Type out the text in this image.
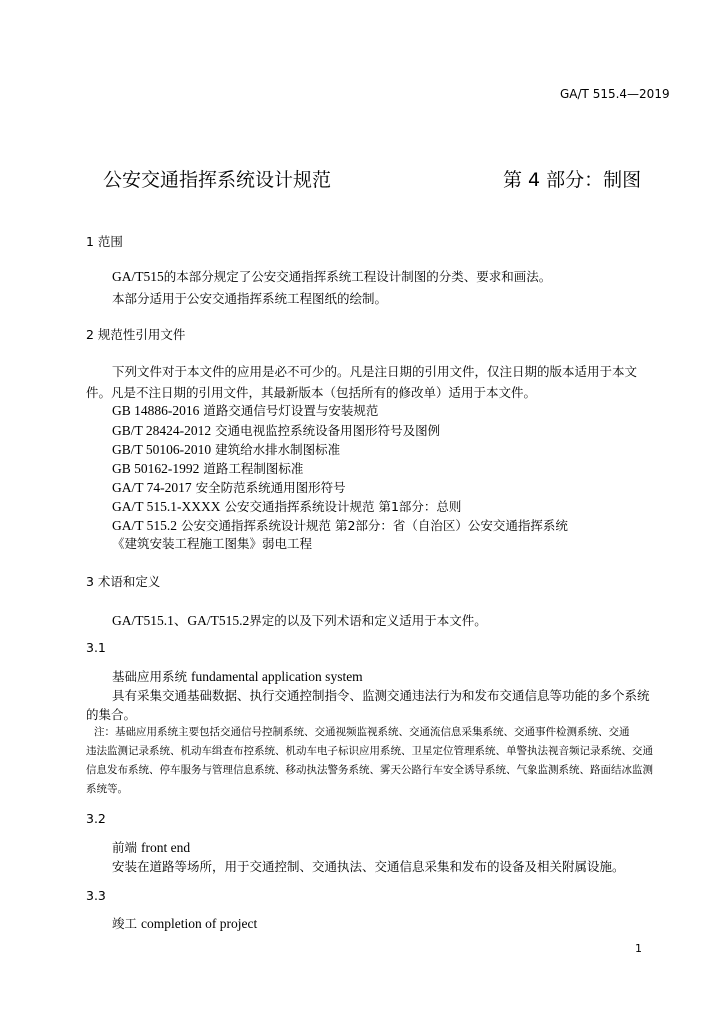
GA/T 515.4—2019
公安交通指挥系统设计规范	第 4 部分：制图
1 范围
GA/T515的本部分规定了公安交通指挥系统工程设计制图的分类、要求和画法。
本部分适用于公安交通指挥系统工程图纸的绘制。
2 规范性引用文件
下列文件对于本文件的应用是必不可少的。凡是注日期的引用文件，仅注日期的版本适用于本文
件。凡是不注日期的引用文件，其最新版本（包括所有的修改单）适用于本文件。
GB 14886-2016 道路交通信号灯设置与安装规范
GB/T 28424-2012 交通电视监控系统设备用图形符号及图例
GB/T 50106-2010 建筑给水排水制图标准
GB 50162-1992 道路工程制图标准
GA/T 74-2017 安全防范系统通用图形符号
GA/T 515.1-XXXX 公安交通指挥系统设计规范 第1部分：总则
GA/T 515.2 公安交通指挥系统设计规范 第2部分：省（自治区）公安交通指挥系统
《建筑安装工程施工图集》弱电工程
3 术语和定义
GA/T515.1、GA/T515.2界定的以及下列术语和定义适用于本文件。
3.1
基础应用系统 fundamental application system
具有采集交通基础数据、执行交通控制指令、监测交通违法行为和发布交通信息等功能的多个系统
的集合。
注：基础应用系统主要包括交通信号控制系统、交通视频监视系统、交通流信息采集系统、交通事件检测系统、交通
违法监测记录系统、机动车缉查布控系统、机动车电子标识应用系统、卫星定位管理系统、单警执法视音频记录系统、交通
信息发布系统、停车服务与管理信息系统、移动执法警务系统、雾天公路行车安全诱导系统、气象监测系统、路面结冰监测
系统等。
3.2
前端 front end
安装在道路等场所，用于交通控制、交通执法、交通信息采集和发布的设备及相关附属设施。
3.3
竣工 completion of project
1
